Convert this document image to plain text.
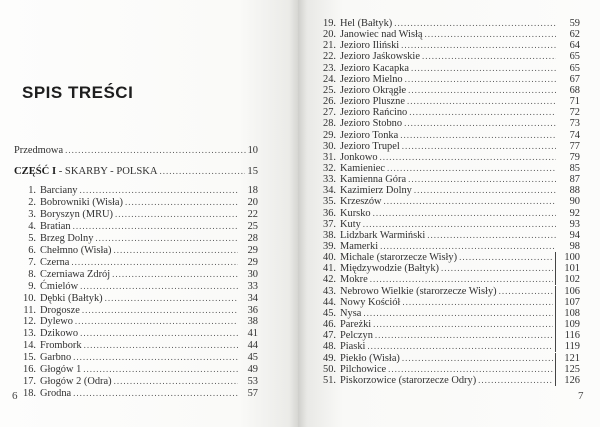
SPIS TREŚCI
Przedmowa .....	10
CZĘŚĆ I - SKARBY - POLSKA .....	15
1. Barciany .....	18
2. Bobrowniki (Wisła) .....	20
3. Boryszyn (MRU) .....	22
4. Bratian .....	25
5. Brzeg Dolny .....	28
6. Chełmno (Wisła) .....	29
7. Czerna .....	29
8. Czerniawa Zdrój .....	30
9. Ćmielów .....	33
10. Dębki (Bałtyk) .....	34
11. Drogosze .....	36
12. Dylewo .....	38
13. Dzikowo .....	41
14. Frombork .....	44
15. Garbno .....	45
16. Głogów 1 .....	49
17. Głogów 2 (Odra) .....	53
18. Grodna .....	57
6
19. Hel (Bałtyk) .....	59
20. Janowiec nad Wisłą .....	62
21. Jezioro Iliński .....	64
22. Jezioro Jaśkowskie .....	65
23. Jezioro Kacapka .....	65
24. Jezioro Mielno .....	67
25. Jezioro Okrągłe .....	68
26. Jezioro Pluszne .....	71
27. Jezioro Rańcino .....	72
28. Jezioro Stobno .....	73
29. Jezioro Tonka .....	74
30. Jezioro Trupel .....	77
31. Jonkowo .....	79
32. Kamieniec .....	85
33. Kamienna Góra .....	87
34. Kazimierz Dolny .....	88
35. Krzeszów .....	90
36. Kursko .....	92
37. Kuty .....	93
38. Lidzbark Warmiński .....	94
39. Mamerki .....	98
40. Michale (starorzecze Wisły) .....	100
41. Międzywodzie (Bałtyk) .....	101
42. Mokre .....	102
43. Nebrowo Wielkie (starorzecze Wisły) .....	106
44. Nowy Kościół .....	107
45. Nysa .....	108
46. Pareżki .....	109
47. Pelczyn .....	116
48. Piaski .....	119
49. Piekło (Wisła) .....	121
50. Pilchowice .....	125
51. Piskorzowice (starorzecze Odry) .....	126
7
